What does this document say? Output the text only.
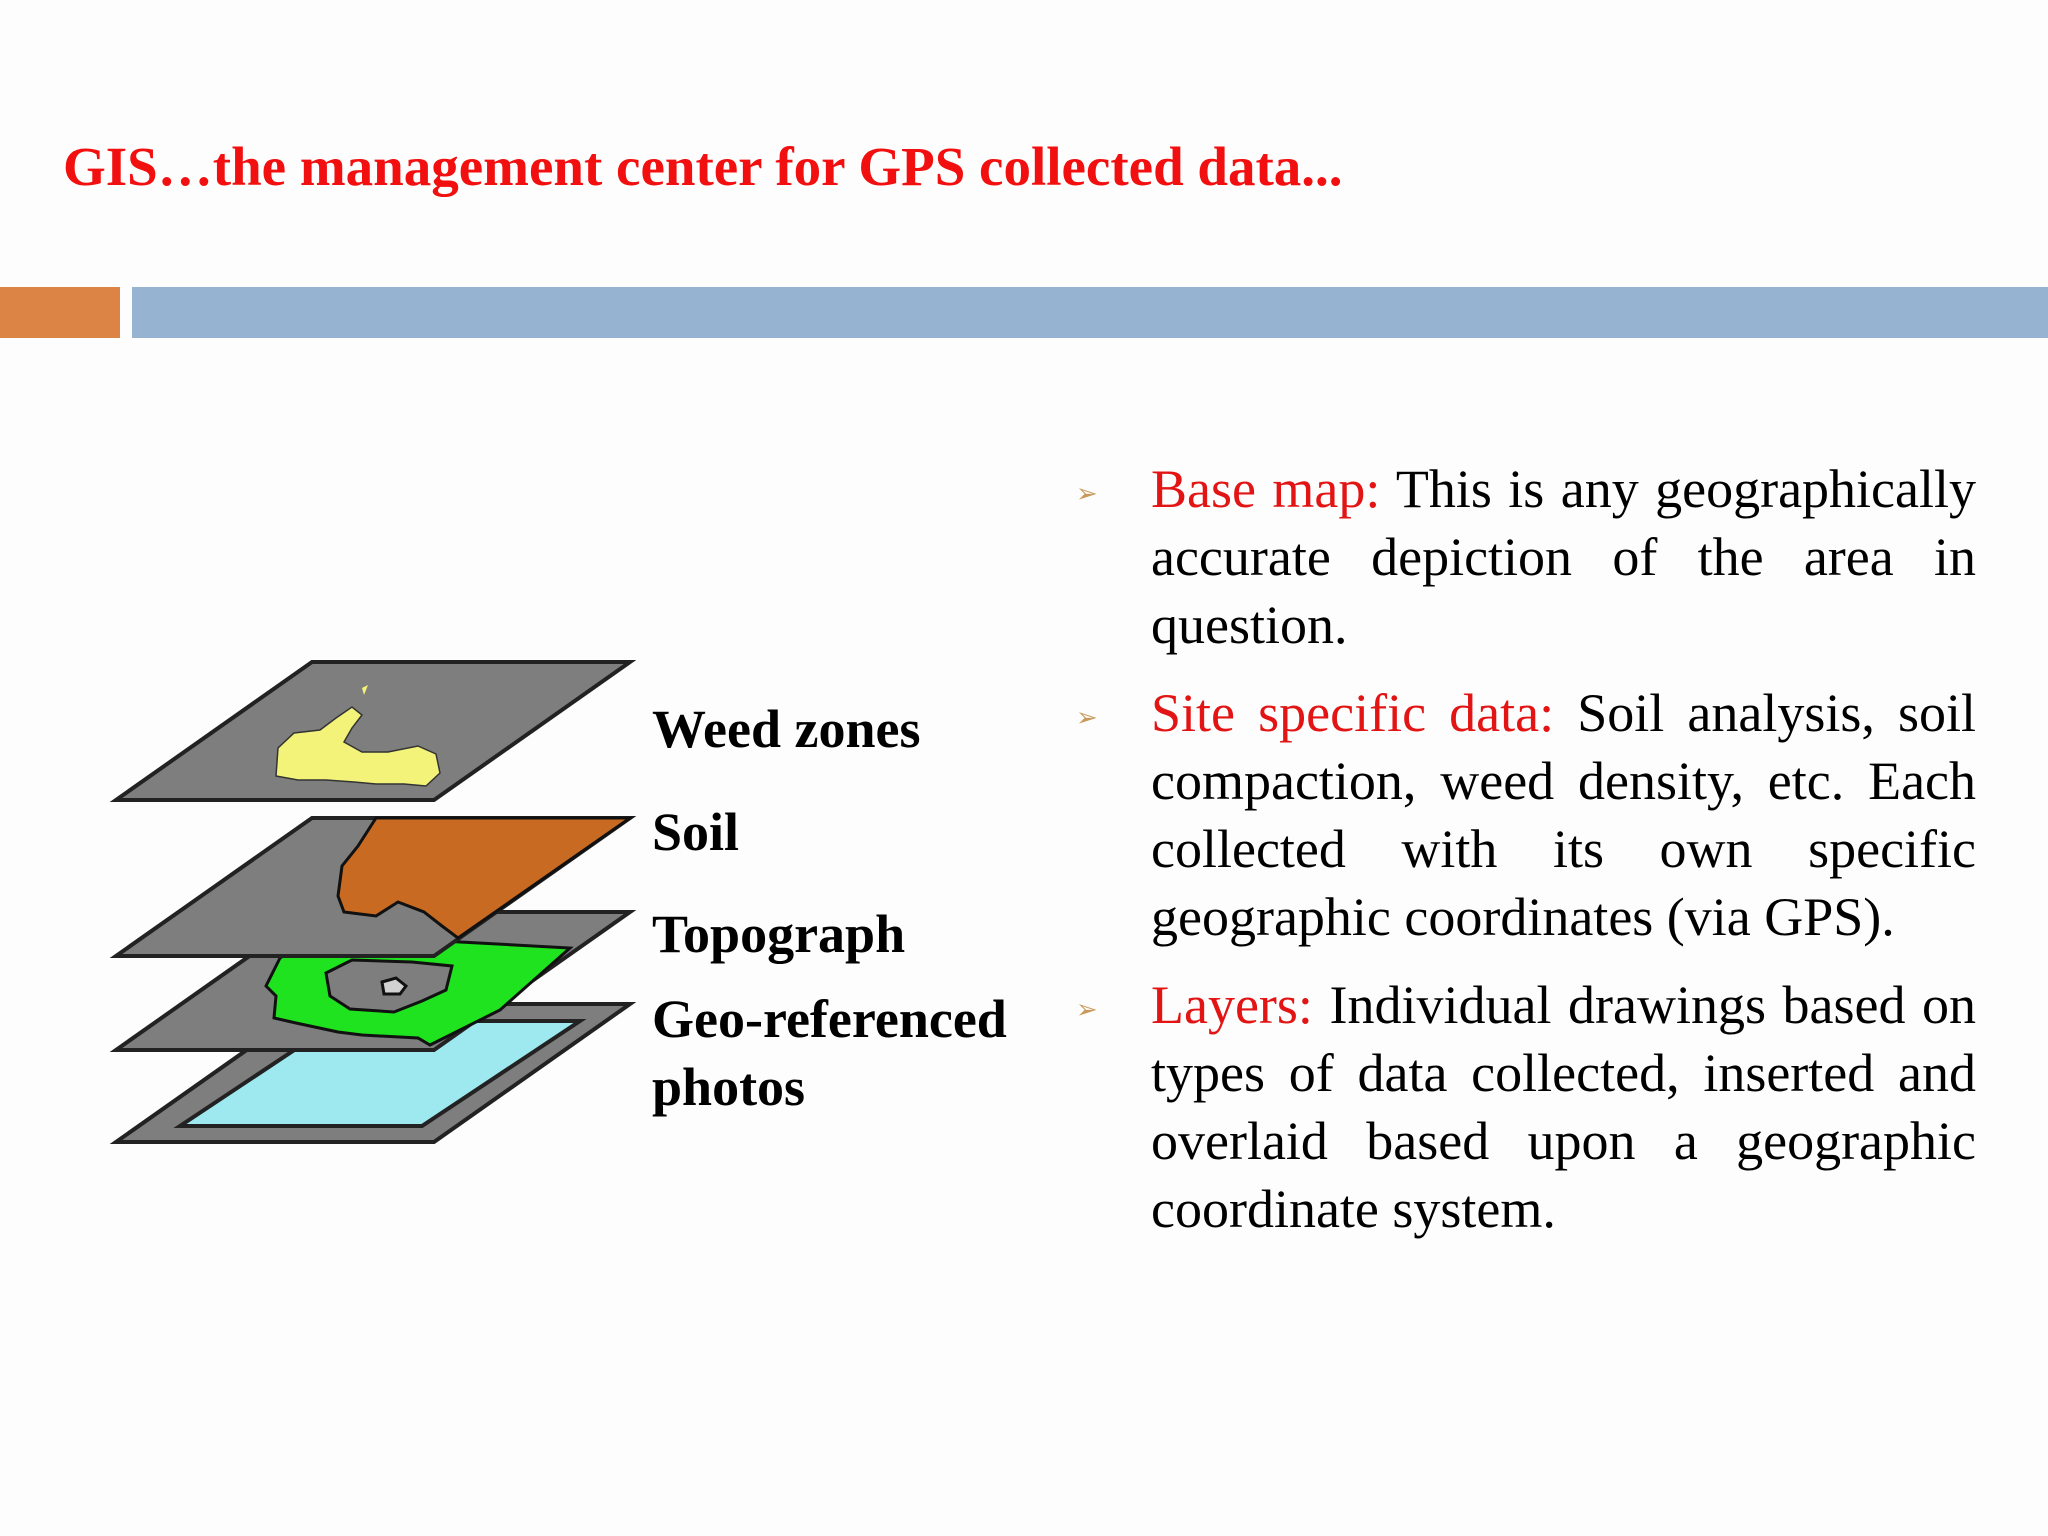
GIS…the management center for GPS collected data...
Weed zones
Soil
Topograph
Geo-referenced
photos
➢ Base map: This is any geographically accurate depiction of the area in question.
➢ Site specific data: Soil analysis, soil compaction, weed density, etc. Each collected with its own specific geographic coordinates (via GPS).
➢ Layers: Individual drawings based on types of data collected, inserted and overlaid based upon a geographic coordinate system.
